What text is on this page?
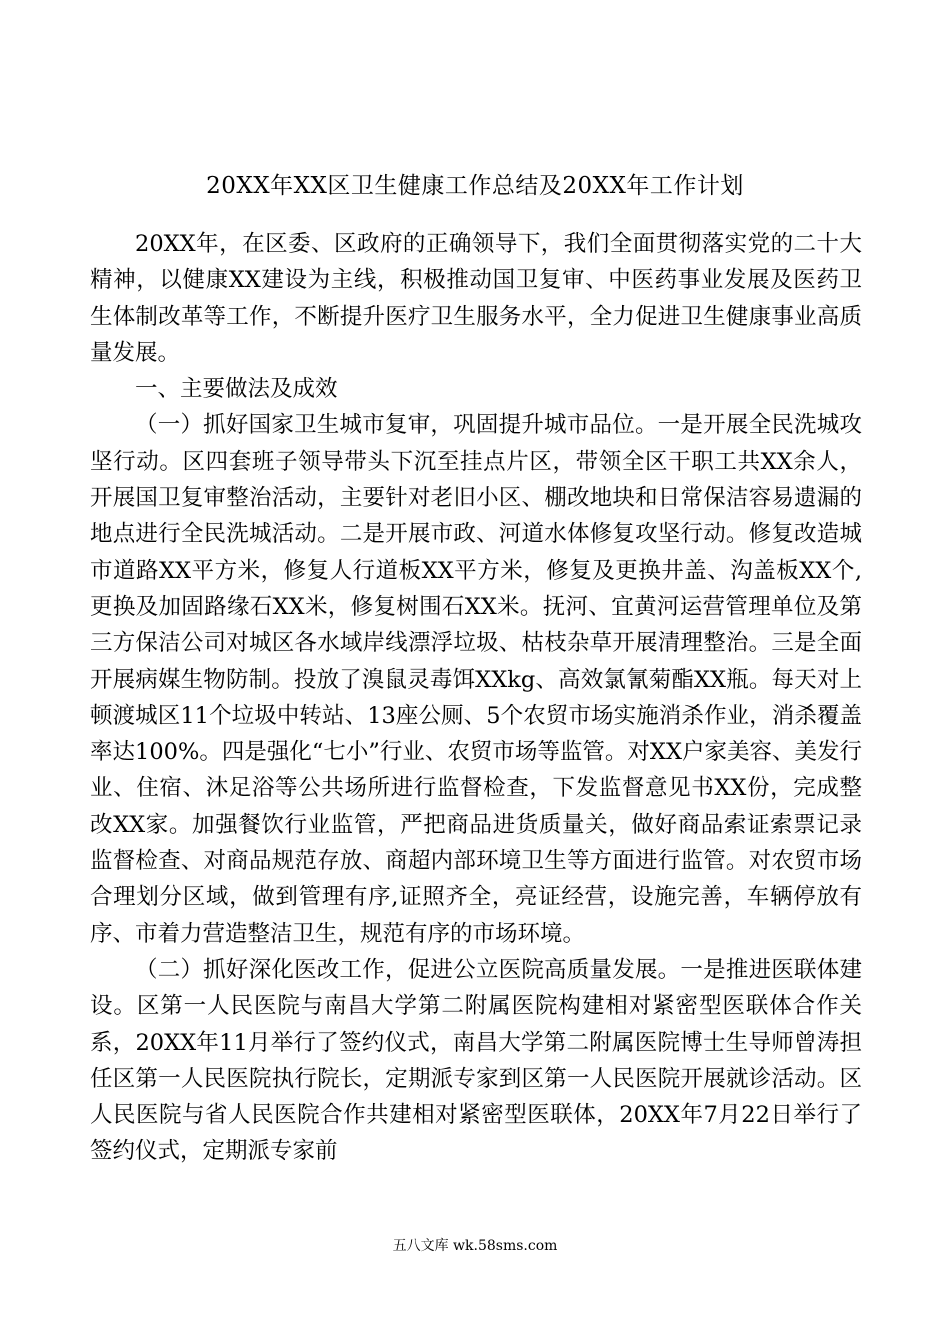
20XX年XX区卫生健康工作总结及20XX年工作计划

20XX年，在区委、区政府的正确领导下，我们全面贯彻落实党的二十大精神，以健康XX建设为主线，积极推动国卫复审、中医药事业发展及医药卫生体制改革等工作，不断提升医疗卫生服务水平，全力促进卫生健康事业高质量发展。

一、主要做法及成效

（一）抓好国家卫生城市复审，巩固提升城市品位。一是开展全民洗城攻坚行动。区四套班子领导带头下沉至挂点片区，带领全区干职工共XX余人，开展国卫复审整治活动，主要针对老旧小区、棚改地块和日常保洁容易遗漏的地点进行全民洗城活动。二是开展市政、河道水体修复攻坚行动。修复改造城市道路XX平方米，修复人行道板XX平方米，修复及更换井盖、沟盖板XX个,更换及加固路缘石XX米，修复树围石XX米。抚河、宜黄河运营管理单位及第三方保洁公司对城区各水域岸线漂浮垃圾、枯枝杂草开展清理整治。三是全面开展病媒生物防制。投放了溴鼠灵毒饵XXkg、高效氯氰菊酯XX瓶。每天对上顿渡城区11个垃圾中转站、13座公厕、5个农贸市场实施消杀作业，消杀覆盖率达100%。四是强化“七小”行业、农贸市场等监管。对XX户家美容、美发行业、住宿、沐足浴等公共场所进行监督检查，下发监督意见书XX份，完成整改XX家。加强餐饮行业监管，严把商品进货质量关，做好商品索证索票记录监督检查、对商品规范存放、商超内部环境卫生等方面进行监管。对农贸市场合理划分区域，做到管理有序,证照齐全，亮证经营，设施完善，车辆停放有序、市着力营造整洁卫生，规范有序的市场环境。

（二）抓好深化医改工作，促进公立医院高质量发展。一是推进医联体建设。区第一人民医院与南昌大学第二附属医院构建相对紧密型医联体合作关系，20XX年11月举行了签约仪式，南昌大学第二附属医院博士生导师曾涛担任区第一人民医院执行院长，定期派专家到区第一人民医院开展就诊活动。区人民医院与省人民医院合作共建相对紧密型医联体，20XX年7月22日举行了签约仪式，定期派专家前

五八文库 wk.58sms.com
